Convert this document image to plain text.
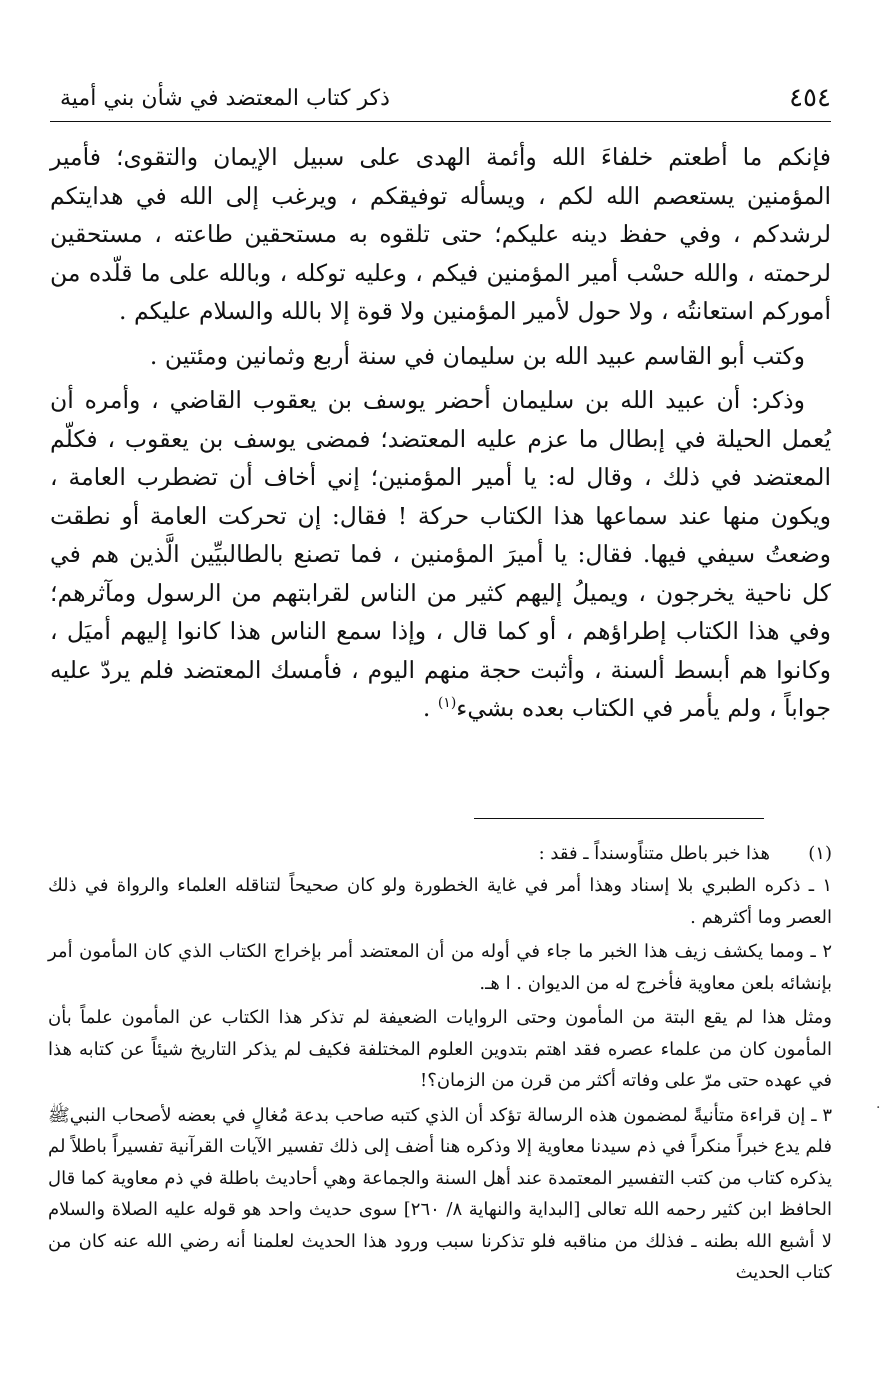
٤٥٤
ذكر كتاب المعتضد في شأن بني أمية

فإنكم ما أطعتم خلفاءَ الله وأئمة الهدى على سبيل الإيمان والتقوى؛ فأمير المؤمنين يستعصم الله لكم ، ويسأله توفيقكم ، ويرغب إلى الله في هدايتكم لرشدكم ، وفي حفظ دينه عليكم؛ حتى تلقوه به مستحقين طاعته ، مستحقين لرحمته ، والله حسْب أمير المؤمنين فيكم ، وعليه توكله ، وبالله على ما قلّده من أموركم استعانتُه ، ولا حول لأمير المؤمنين ولا قوة إلا بالله والسلام عليكم .

وكتب أبو القاسم عبيد الله بن سليمان في سنة أربع وثمانين ومئتين .

وذكر: أن عبيد الله بن سليمان أحضر يوسف بن يعقوب القاضي ، وأمره أن يُعمل الحيلة في إبطال ما عزم عليه المعتضد؛ فمضى يوسف بن يعقوب ، فكلّم المعتضد في ذلك ، وقال له: يا أمير المؤمنين؛ إني أخاف أن تضطرب العامة ، ويكون منها عند سماعها هذا الكتاب حركة ! فقال: إن تحركت العامة أو نطقت وضعتُ سيفي فيها. فقال: يا أميرَ المؤمنين ، فما تصنع بالطالبيِّين الَّذين هم في كل ناحية يخرجون ، ويميلُ إليهم كثير من الناس لقرابتهم من الرسول ومآثرهم؛ وفي هذا الكتاب إطراؤهم ، أو كما قال ، وإذا سمع الناس هذا كانوا إليهم أميَل ، وكانوا هم أبسط ألسنة ، وأثبت حجة منهم اليوم ، فأمسك المعتضد فلم يردّ عليه جواباً ، ولم يأمر في الكتاب بعده بشيء$^{(١)}$ .

(١)هذا خبر باطل متناًوسنداً ـ فقد :

١ ـ ذكره الطبري بلا إسناد وهذا أمر في غاية الخطورة ولو كان صحيحاً لتناقله العلماء والرواة في ذلك العصر وما أكثرهم .

٢ ـ ومما يكشف زيف هذا الخبر ما جاء في أوله من أن المعتضد أمر بإخراج الكتاب الذي كان المأمون أمر بإنشائه بلعن معاوية فأخرج له من الديوان . ا هـ.

ومثل هذا لم يقع البتة من المأمون وحتى الروايات الضعيفة لم تذكر هذا الكتاب عن المأمون علماً بأن المأمون كان من علماء عصره فقد اهتم بتدوين العلوم المختلفة فكيف لم يذكر التاريخ شيئاً عن كتابه هذا في عهده حتى مرّ على وفاته أكثر من قرن من الزمان؟!

٣ ـ إن قراءة متأنيةً لمضمون هذه الرسالة تؤكد أن الذي كتبه صاحب بدعة مُغالٍ في بعضه لأصحاب النبيﷺ فلم يدع خبراً منكراً في ذم سيدنا معاوية إلا وذكره هنا أضف إلى ذلك تفسير الآيات القرآنية تفسيراً باطلاً لم يذكره كتاب من كتب التفسير المعتمدة عند أهل السنة والجماعة وهي أحاديث باطلة في ذم معاوية كما قال الحافظ ابن كثير رحمه الله تعالى [البداية والنهاية ٨/ ٢٦٠] سوى حديث واحد هو قوله عليه الصلاة والسلام لا أشبع الله بطنه ـ فذلك من مناقبه فلو تذكرنا سبب ورود هذا الحديث لعلمنا أنه رضي الله عنه كان من كتاب الحديث

·
